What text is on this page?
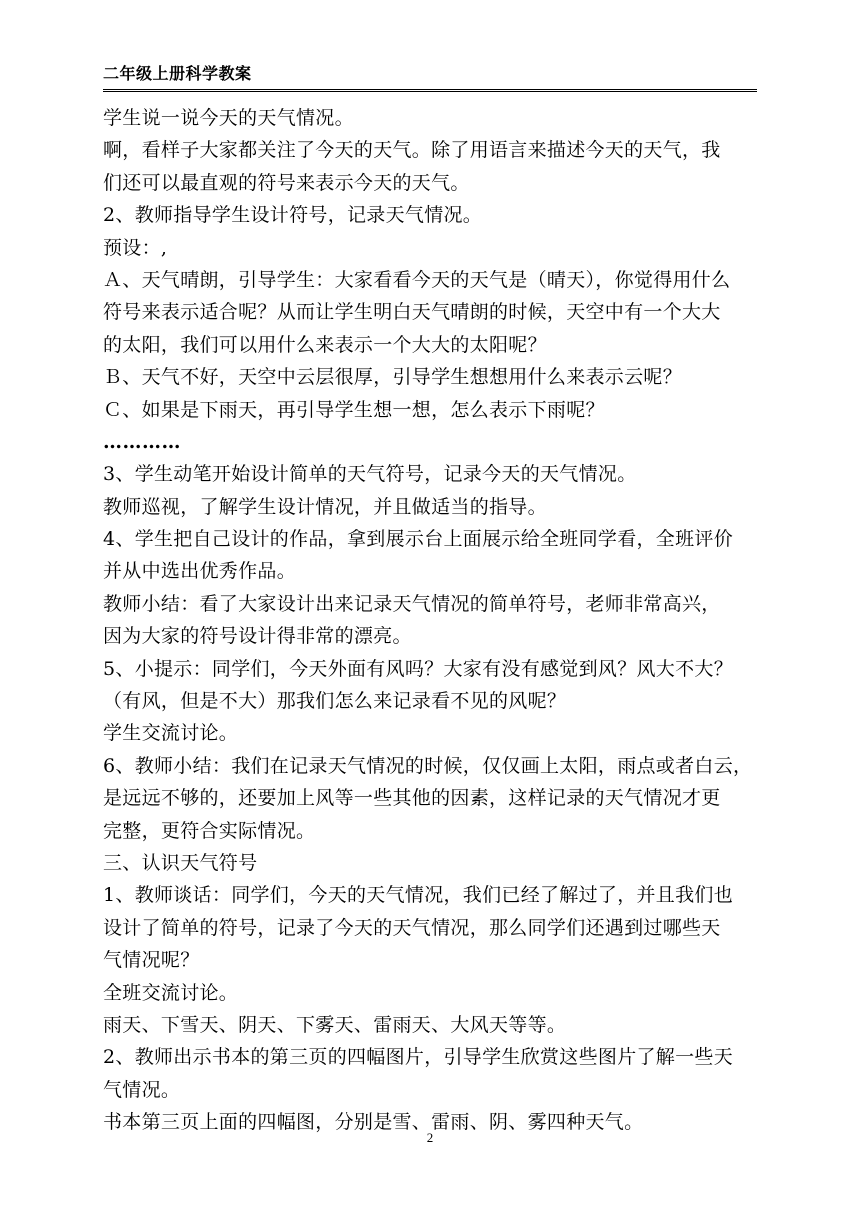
二年级上册科学教案
学生说一说今天的天气情况。
啊，看样子大家都关注了今天的天气。除了用语言来描述今天的天气，我
们还可以最直观的符号来表示今天的天气。
2、教师指导学生设计符号，记录天气情况。
预设：,
Ａ、天气晴朗，引导学生：大家看看今天的天气是（晴天），你觉得用什么
符号来表示适合呢？从而让学生明白天气晴朗的时候，天空中有一个大大
的太阳，我们可以用什么来表示一个大大的太阳呢？
Ｂ、天气不好，天空中云层很厚，引导学生想想用什么来表示云呢？
Ｃ、如果是下雨天，再引导学生想一想，怎么表示下雨呢？
…………
3、学生动笔开始设计简单的天气符号，记录今天的天气情况。
教师巡视，了解学生设计情况，并且做适当的指导。
4、学生把自己设计的作品，拿到展示台上面展示给全班同学看，全班评价
并从中选出优秀作品。
教师小结：看了大家设计出来记录天气情况的简单符号，老师非常高兴，
因为大家的符号设计得非常的漂亮。
5、小提示：同学们，今天外面有风吗？大家有没有感觉到风？风大不大？
（有风，但是不大）那我们怎么来记录看不见的风呢？
学生交流讨论。
6、教师小结：我们在记录天气情况的时候，仅仅画上太阳，雨点或者白云，
是远远不够的，还要加上风等一些其他的因素，这样记录的天气情况才更
完整，更符合实际情况。
三、认识天气符号
1、教师谈话：同学们，今天的天气情况，我们已经了解过了，并且我们也
设计了简单的符号，记录了今天的天气情况，那么同学们还遇到过哪些天
气情况呢？
全班交流讨论。
雨天、下雪天、阴天、下雾天、雷雨天、大风天等等。
2、教师出示书本的第三页的四幅图片，引导学生欣赏这些图片了解一些天
气情况。
书本第三页上面的四幅图，分别是雪、雷雨、阴、雾四种天气。
2
